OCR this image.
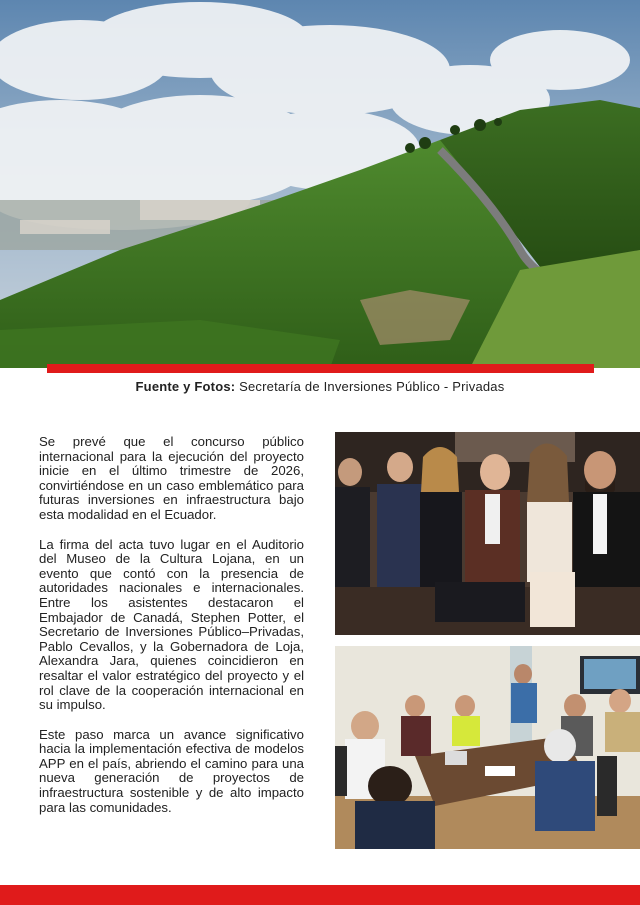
Fuente y Fotos: Secretaría de Inversiones Público - Privadas

Se prevé que el concurso público internacional para la ejecución del proyecto inicie en el último trimestre de 2026, convirtiéndose en un caso emblemático para futuras inversiones en infraestructura bajo esta modalidad en el Ecuador.

La firma del acta tuvo lugar en el Auditorio del Museo de la Cultura Lojana, en un evento que contó con la presencia de autoridades nacionales e internacionales. Entre los asistentes destacaron el Embajador de Canadá, Stephen Potter, el Secretario de Inversiones Público–Privadas, Pablo Cevallos, y la Gobernadora de Loja, Alexandra Jara, quienes coincidieron en resaltar el valor estratégico del proyecto y el rol clave de la cooperación internacional en su impulso.

Este paso marca un avance significativo hacia la implementación efectiva de modelos APP en el país, abriendo el camino para una nueva generación de proyectos de infraestructura sostenible y de alto impacto para las comunidades.
